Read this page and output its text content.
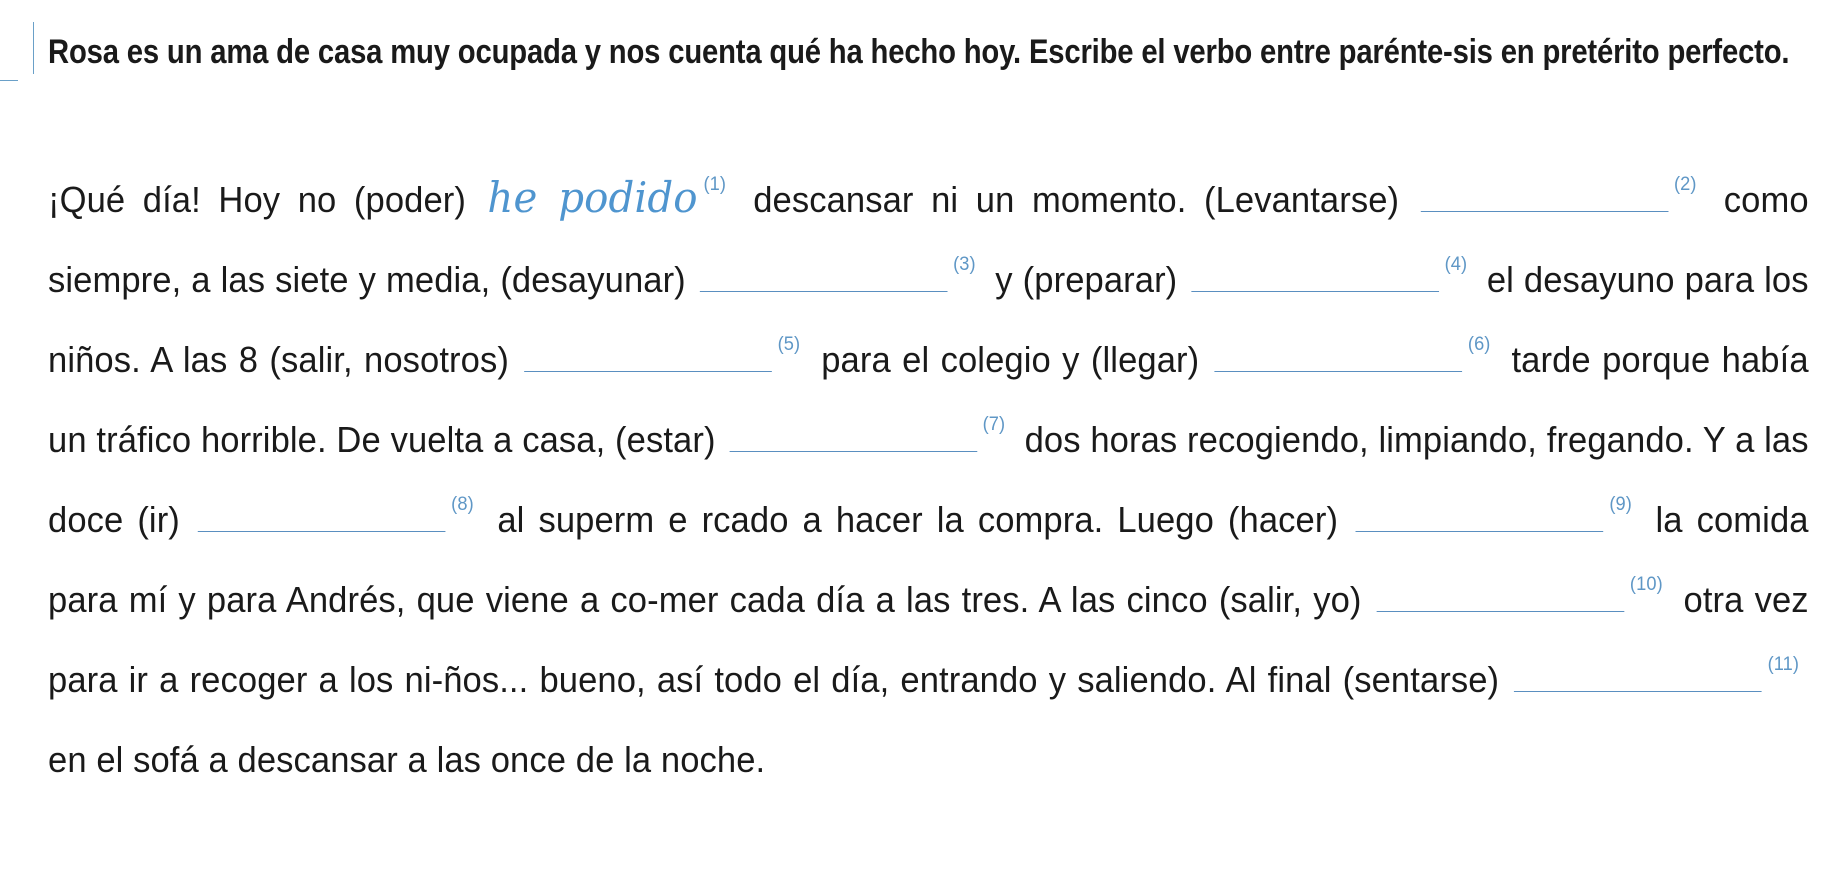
Rosa es un ama de casa muy ocupada y nos cuenta qué ha hecho hoy. Escribe el verbo entre parénte-sis en pretérito perfecto.

¡Qué día! Hoy no (poder) he podido $^{(1)}$ descansar ni un momento. (Levantarse)	$^{(2)}$ como siempre, a las siete y media, (desayunar)	$^{(3)}$ y (preparar)	$^{(4)}$ el desayuno para los niños. A las 8 (salir, nosotros)	$^{(5)}$ para el colegio y (llegar)	$^{(6)}$ tarde porque había un tráfico horrible. De vuelta a casa, (estar)	$^{(7)}$ dos horas recogiendo, limpiando, fregando. Y a las doce (ir)	$^{(8)}$ al superm e rcado a hacer la compra. Luego (hacer)	$^{(9)}$ la comida para mí y para Andrés, que viene a co-mer cada día a las tres. A las cinco (salir, yo)	$^{(10)}$ otra vez para ir a recoger a los ni-ños... bueno, así todo el día, entrando y saliendo. Al final (sentarse)	$^{(11)}$ en el sofá a descansar a las once de la noche.
